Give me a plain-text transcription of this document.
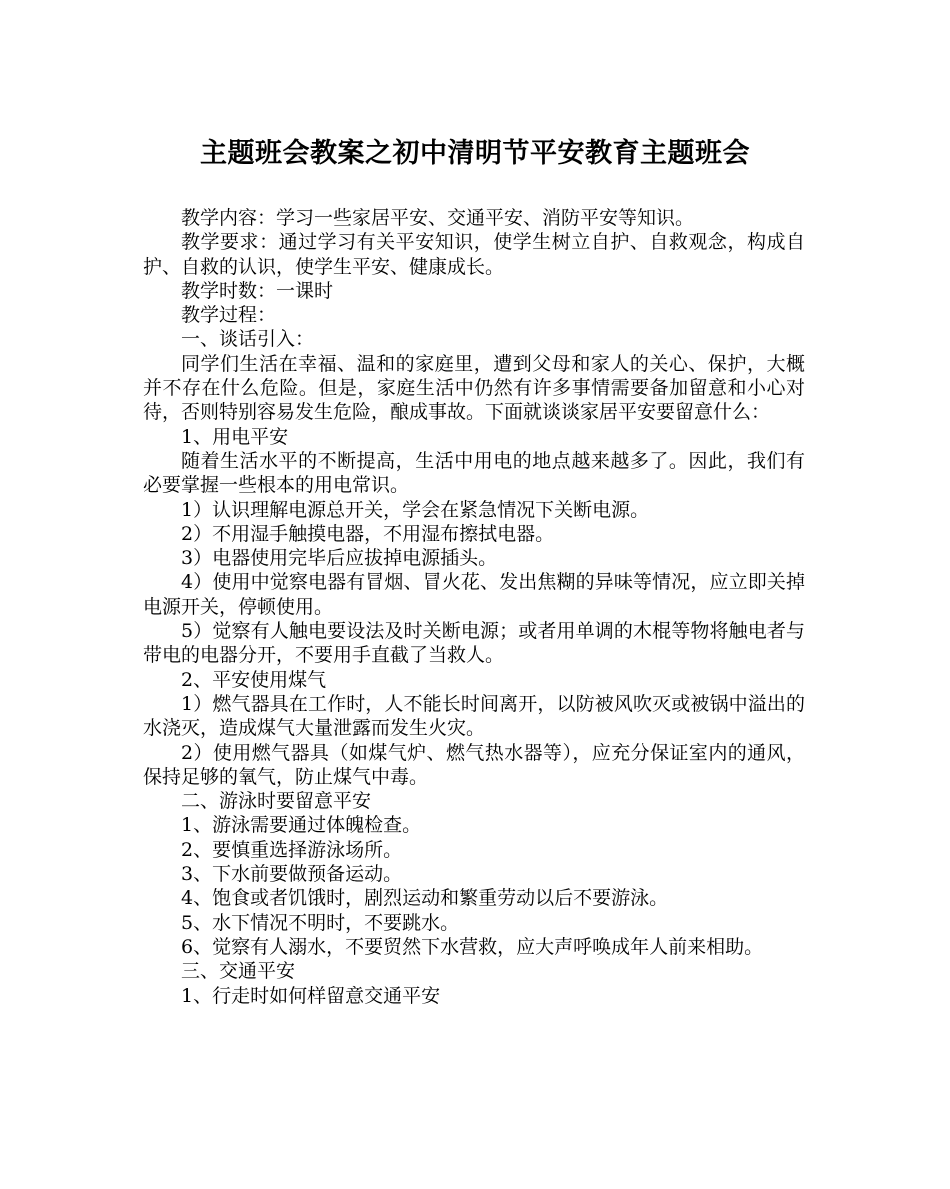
主题班会教案之初中清明节平安教育主题班会

教学内容：学习一些家居平安、交通平安、消防平安等知识。

教学要求：通过学习有关平安知识，使学生树立自护、自救观念，构成自护、自救的认识，使学生平安、健康成长。

教学时数：一课时

教学过程：

一、谈话引入：

同学们生活在幸福、温和的家庭里，遭到父母和家人的关心、保护，大概并不存在什么危险。但是，家庭生活中仍然有许多事情需要备加留意和小心对待，否则特别容易发生危险，酿成事故。下面就谈谈家居平安要留意什么：

1、用电平安

随着生活水平的不断提高，生活中用电的地点越来越多了。因此，我们有必要掌握一些根本的用电常识。

1）认识理解电源总开关，学会在紧急情况下关断电源。

2）不用湿手触摸电器，不用湿布擦拭电器。

3）电器使用完毕后应拔掉电源插头。

4）使用中觉察电器有冒烟、冒火花、发出焦糊的异味等情况，应立即关掉电源开关，停顿使用。

5）觉察有人触电要设法及时关断电源；或者用单调的木棍等物将触电者与带电的电器分开，不要用手直截了当救人。

2、平安使用煤气

1）燃气器具在工作时，人不能长时间离开，以防被风吹灭或被锅中溢出的水浇灭，造成煤气大量泄露而发生火灾。

2）使用燃气器具（如煤气炉、燃气热水器等），应充分保证室内的通风，保持足够的氧气，防止煤气中毒。

二、游泳时要留意平安

1、游泳需要通过体魄检查。

2、要慎重选择游泳场所。

3、下水前要做预备运动。

4、饱食或者饥饿时，剧烈运动和繁重劳动以后不要游泳。

5、水下情况不明时，不要跳水。

6、觉察有人溺水，不要贸然下水营救，应大声呼唤成年人前来相助。

三、交通平安

1、行走时如何样留意交通平安
